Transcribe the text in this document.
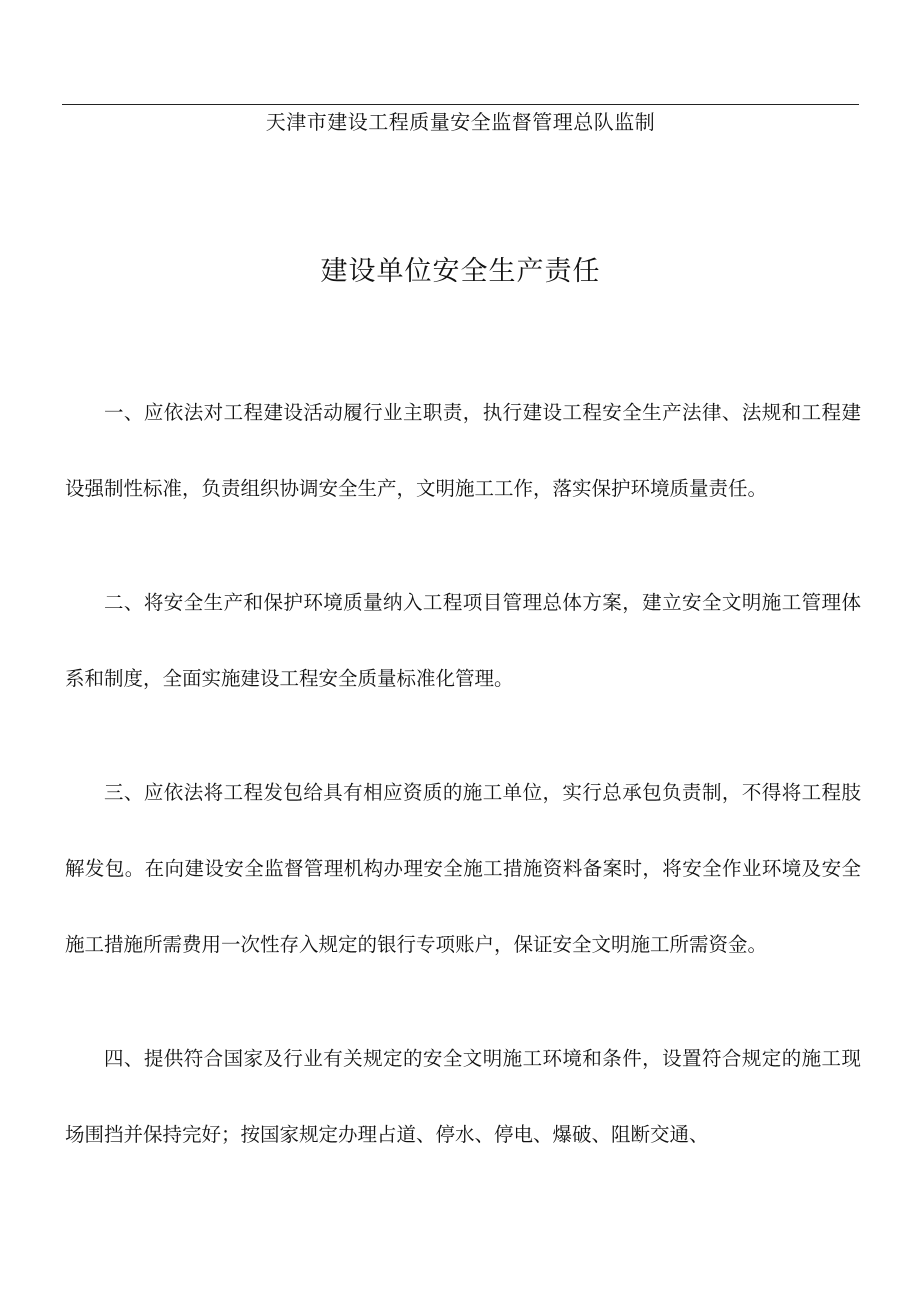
天津市建设工程质量安全监督管理总队监制
建设单位安全生产责任

一、应依法对工程建设活动履行业主职责，执行建设工程安全生产法律、法规和工程建设强制性标准，负责组织协调安全生产，文明施工工作，落实保护环境质量责任。

二、将安全生产和保护环境质量纳入工程项目管理总体方案，建立安全文明施工管理体系和制度，全面实施建设工程安全质量标准化管理。

三、应依法将工程发包给具有相应资质的施工单位，实行总承包负责制，不得将工程肢解发包。在向建设安全监督管理机构办理安全施工措施资料备案时，将安全作业环境及安全施工措施所需费用一次性存入规定的银行专项账户，保证安全文明施工所需资金。

四、提供符合国家及行业有关规定的安全文明施工环境和条件，设置符合规定的施工现场围挡并保持完好；按国家规定办理占道、停水、停电、爆破、阻断交通、
